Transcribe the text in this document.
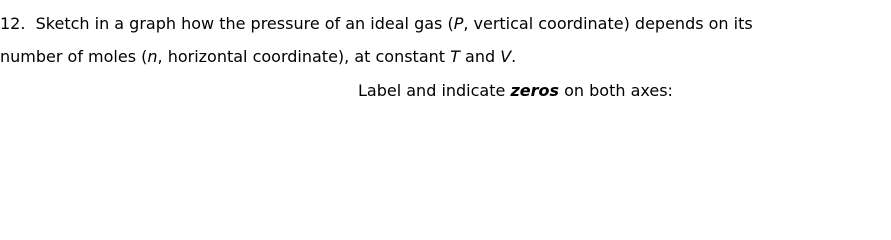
12. Sketch in a graph how the pressure of an ideal gas (P, vertical coordinate) depends on its
number of moles (n, horizontal coordinate), at constant T and V.
Label and indicate zeros on both axes:
